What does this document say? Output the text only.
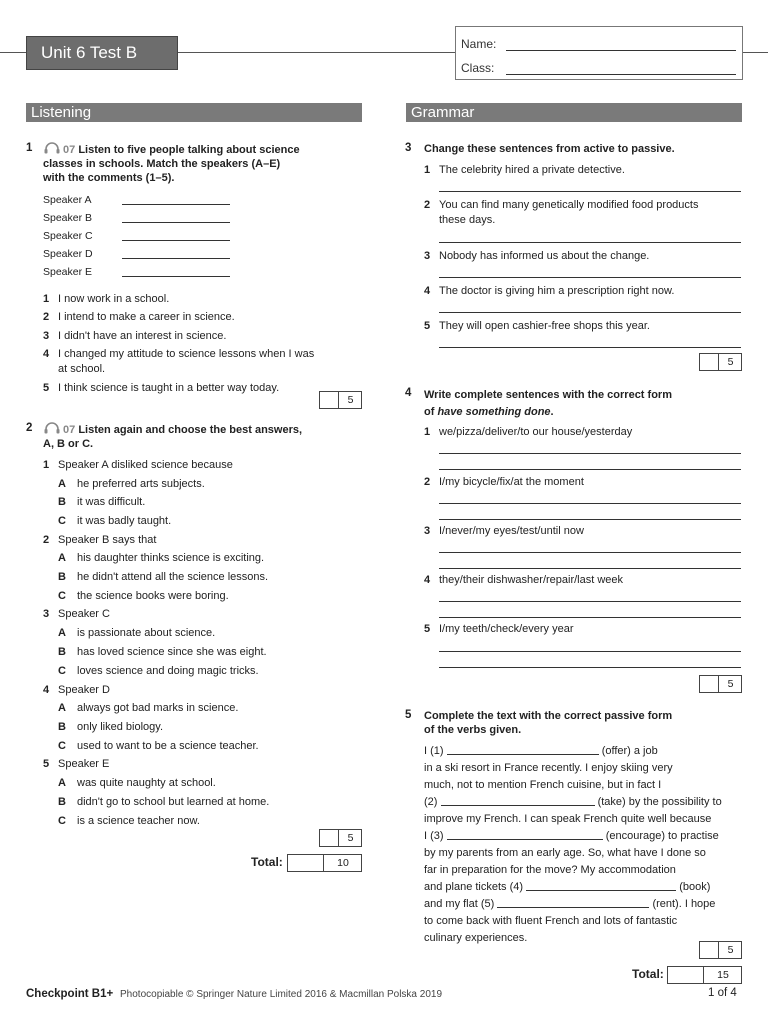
Unit 6 Test B	Name:
Class:
Listening
1	07 Listen to five people talking about science
classes in schools. Match the speakers (A–E)
with the comments (1–5).
Speaker A
Speaker B
Speaker C
Speaker D
Speaker E
1 I now work in a school.
2 I intend to make a career in science.
3 I didn't have an interest in science.
4 I changed my attitude to science lessons when I was
at school.
5 I think science is taught in a better way today.
5
2	07 Listen again and choose the best answers,
A, B or C.
1 Speaker A disliked science because
A he preferred arts subjects.
B it was difficult.
C it was badly taught.
2 Speaker B says that
A his daughter thinks science is exciting.
B he didn't attend all the science lessons.
C the science books were boring.
3 Speaker C
A is passionate about science.
B has loved science since she was eight.
C loves science and doing magic tricks.
4 Speaker D
A always got bad marks in science.
B only liked biology.
C used to want to be a science teacher.
5 Speaker E
A was quite naughty at school.
B didn't go to school but learned at home.
C is a science teacher now.
5
Total:	10
Grammar
3 Change these sentences from active to passive.
1 The celebrity hired a private detective.
2 You can find many genetically modified food products
these days.
3 Nobody has informed us about the change.
4 The doctor is giving him a prescription right now.
5 They will open cashier-free shops this year.
5
4 Write complete sentences with the correct form
of have something done.
1 we/pizza/deliver/to our house/yesterday
2 I/my bicycle/fix/at the moment
3 I/never/my eyes/test/until now
4 they/their dishwasher/repair/last week
5 I/my teeth/check/every year
5
5 Complete the text with the correct passive form
of the verbs given.
I (1)	(offer) a job
in a ski resort in France recently. I enjoy skiing very
much, not to mention French cuisine, but in fact I
(2)	(take) by the possibility to
improve my French. I can speak French quite well because
I (3)	(encourage) to practise
by my parents from an early age. So, what have I done so
far in preparation for the move? My accommodation
and plane tickets (4)	(book)
and my flat (5)	(rent). I hope
to come back with fluent French and lots of fantastic
culinary experiences.
5
Total:	15
Checkpoint B1+ Photocopiable © Springer Nature Limited 2016 & Macmillan Polska 2019	1 of 4
